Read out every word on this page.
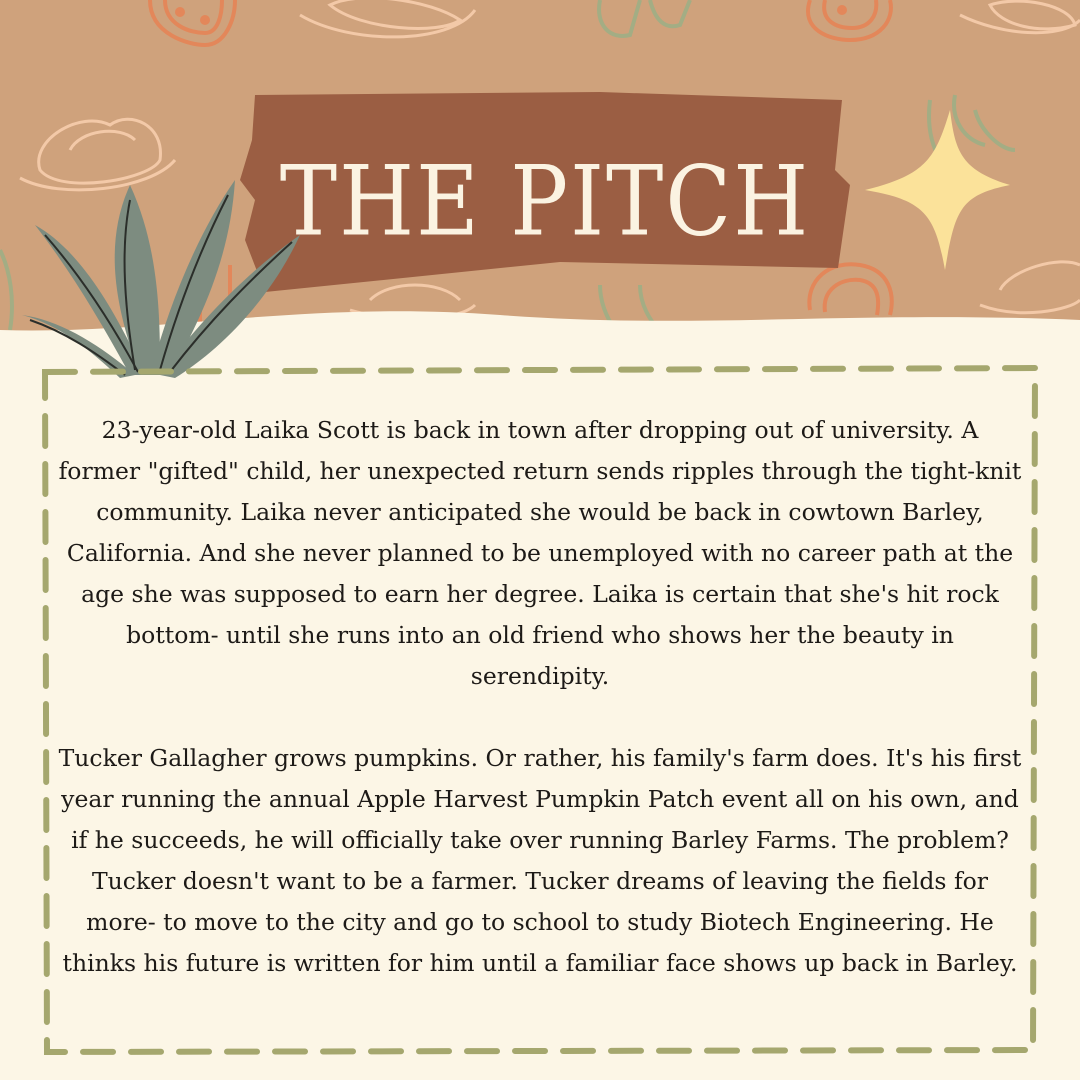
THE PITCH

23-year-old Laika Scott is back in town after dropping out of university. A former "gifted" child, her unexpected return sends ripples through the tight-knit community. Laika never anticipated she would be back in cowtown Barley, California. And she never planned to be unemployed with no career path at the age she was supposed to earn her degree. Laika is certain that she's hit rock bottom- until she runs into an old friend who shows her the beauty in serendipity.

Tucker Gallagher grows pumpkins. Or rather, his family's farm does. It's his first year running the annual Apple Harvest Pumpkin Patch event all on his own, and if he succeeds, he will officially take over running Barley Farms. The problem? Tucker doesn't want to be a farmer. Tucker dreams of leaving the fields for more- to move to the city and go to school to study Biotech Engineering. He thinks his future is written for him until a familiar face shows up back in Barley.
